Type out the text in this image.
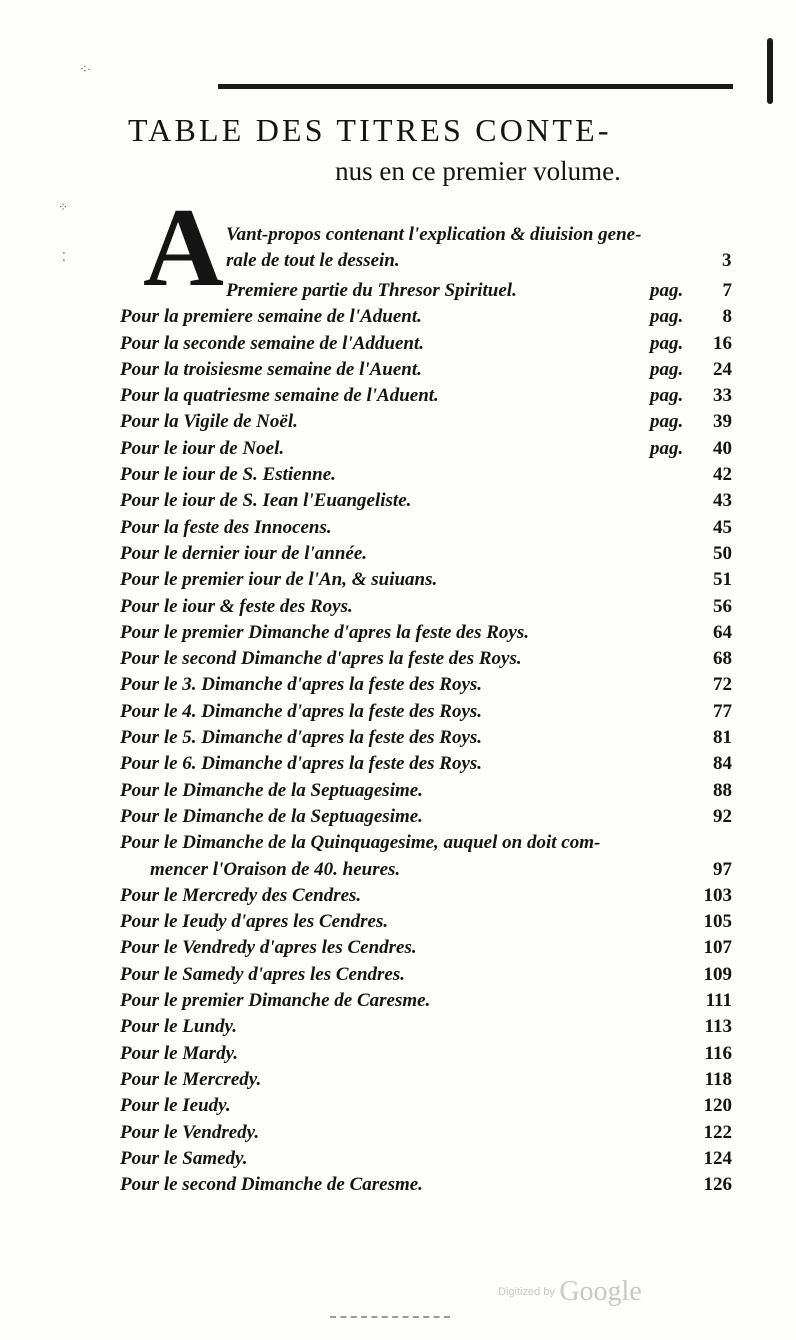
⁖·
⁘
⁚
TABLE DES TITRES CONTE-
nus en ce premier volume.
A Vant-propos contenant l'explication & diuision gene-
rale de tout le dessein.	3
Premiere partie du Thresor Spirituel.	pag. 7
Pour la premiere semaine de l'Aduent.	pag. 8
Pour la seconde semaine de l'Adduent.	pag. 16
Pour la troisiesme semaine de l'Auent.	pag. 24
Pour la quatriesme semaine de l'Aduent.	pag. 33
Pour la Vigile de Noël.	pag. 39
Pour le iour de Noel.	pag. 40
Pour le iour de S. Estienne.	42
Pour le iour de S. Iean l'Euangeliste.	43
Pour la feste des Innocens.	45
Pour le dernier iour de l'année.	50
Pour le premier iour de l'An, & suiuans.	51
Pour le iour & feste des Roys.	56
Pour le premier Dimanche d'apres la feste des Roys.	64
Pour le second Dimanche d'apres la feste des Roys.	68
Pour le 3. Dimanche d'apres la feste des Roys.	72
Pour le 4. Dimanche d'apres la feste des Roys.	77
Pour le 5. Dimanche d'apres la feste des Roys.	81
Pour le 6. Dimanche d'apres la feste des Roys.	84
Pour le Dimanche de la Septuagesime.	88
Pour le Dimanche de la Septuagesime.	92
Pour le Dimanche de la Quinquagesime, auquel on doit com-
mencer l'Oraison de 40. heures.	97
Pour le Mercredy des Cendres.	103
Pour le Ieudy d'apres les Cendres.	105
Pour le Vendredy d'apres les Cendres.	107
Pour le Samedy d'apres les Cendres.	109
Pour le premier Dimanche de Caresme.	111
Pour le Lundy.	113
Pour le Mardy.	116
Pour le Mercredy.	118
Pour le Ieudy.	120
Pour le Vendredy.	122
Pour le Samedy.	124
Pour le second Dimanche de Caresme.	126
Digitized by Google
